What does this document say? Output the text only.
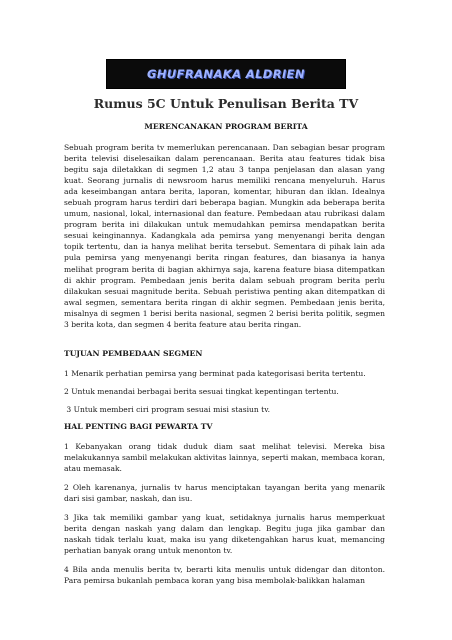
GHUFRANAKA ALDRIEN
Rumus 5C Untuk Penulisan Berita TV
MERENCANAKAN PROGRAM BERITA

Sebuah program berita tv memerlukan perencanaan. Dan sebagian besar program berita televisi diselesaikan dalam perencanaan. Berita atau features tidak bisa begitu saja diletakkan di segmen 1,2 atau 3 tanpa penjelasan dan alasan yang kuat. Seorang jurnalis di newsroom harus memiliki rencana menyeluruh. Harus ada keseimbangan antara berita, laporan, komentar, hiburan dan iklan. Idealnya sebuah program harus terdiri dari beberapa bagian. Mungkin ada beberapa berita umum, nasional, lokal, internasional dan feature. Pembedaan atau rubrikasi dalam program berita ini dilakukan untuk memudahkan pemirsa mendapatkan berita sesuai keinginannya. Kadangkala ada pemirsa yang menyenangi berita dengan topik tertentu, dan ia hanya melihat berita tersebut. Sementara di pihak lain ada pula pemirsa yang menyenangi berita ringan features, dan biasanya ia hanya melihat program berita di bagian akhirnya saja, karena feature biasa ditempatkan di akhir program. Pembedaan jenis berita dalam sebuah program berita perlu dilakukan sesuai magnitude berita. Sebuah peristiwa penting akan ditempatkan di awal segmen, sementara berita ringan di akhir segmen. Pembedaan jenis berita, misalnya di segmen 1 berisi berita nasional, segmen 2 berisi berita politik, segmen 3 berita kota, dan segmen 4 berita feature atau berita ringan.

TUJUAN PEMBEDAAN SEGMEN
1 Menarik perhatian pemirsa yang berminat pada kategorisasi berita tertentu.
2 Untuk menandai berbagai berita sesuai tingkat kepentingan tertentu.
3 Untuk memberi ciri program sesuai misi stasiun tv.
HAL PENTING BAGI PEWARTA TV
1 Kebanyakan orang tidak duduk diam saat melihat televisi. Mereka bisa melakukannya sambil melakukan aktivitas lainnya, seperti makan, membaca koran, atau memasak.
2 Oleh karenanya, jurnalis tv harus menciptakan tayangan berita yang menarik dari sisi gambar, naskah, dan isu.
3 Jika tak memiliki gambar yang kuat, setidaknya jurnalis harus memperkuat berita dengan naskah yang dalam dan lengkap. Begitu juga jika gambar dan naskah tidak terlalu kuat, maka isu yang diketengahkan harus kuat, memancing perhatian banyak orang untuk menonton tv.
4 Bila anda menulis berita tv, berarti kita menulis untuk didengar dan ditonton. Para pemirsa bukanlah pembaca koran yang bisa membolak-balikkan halaman
